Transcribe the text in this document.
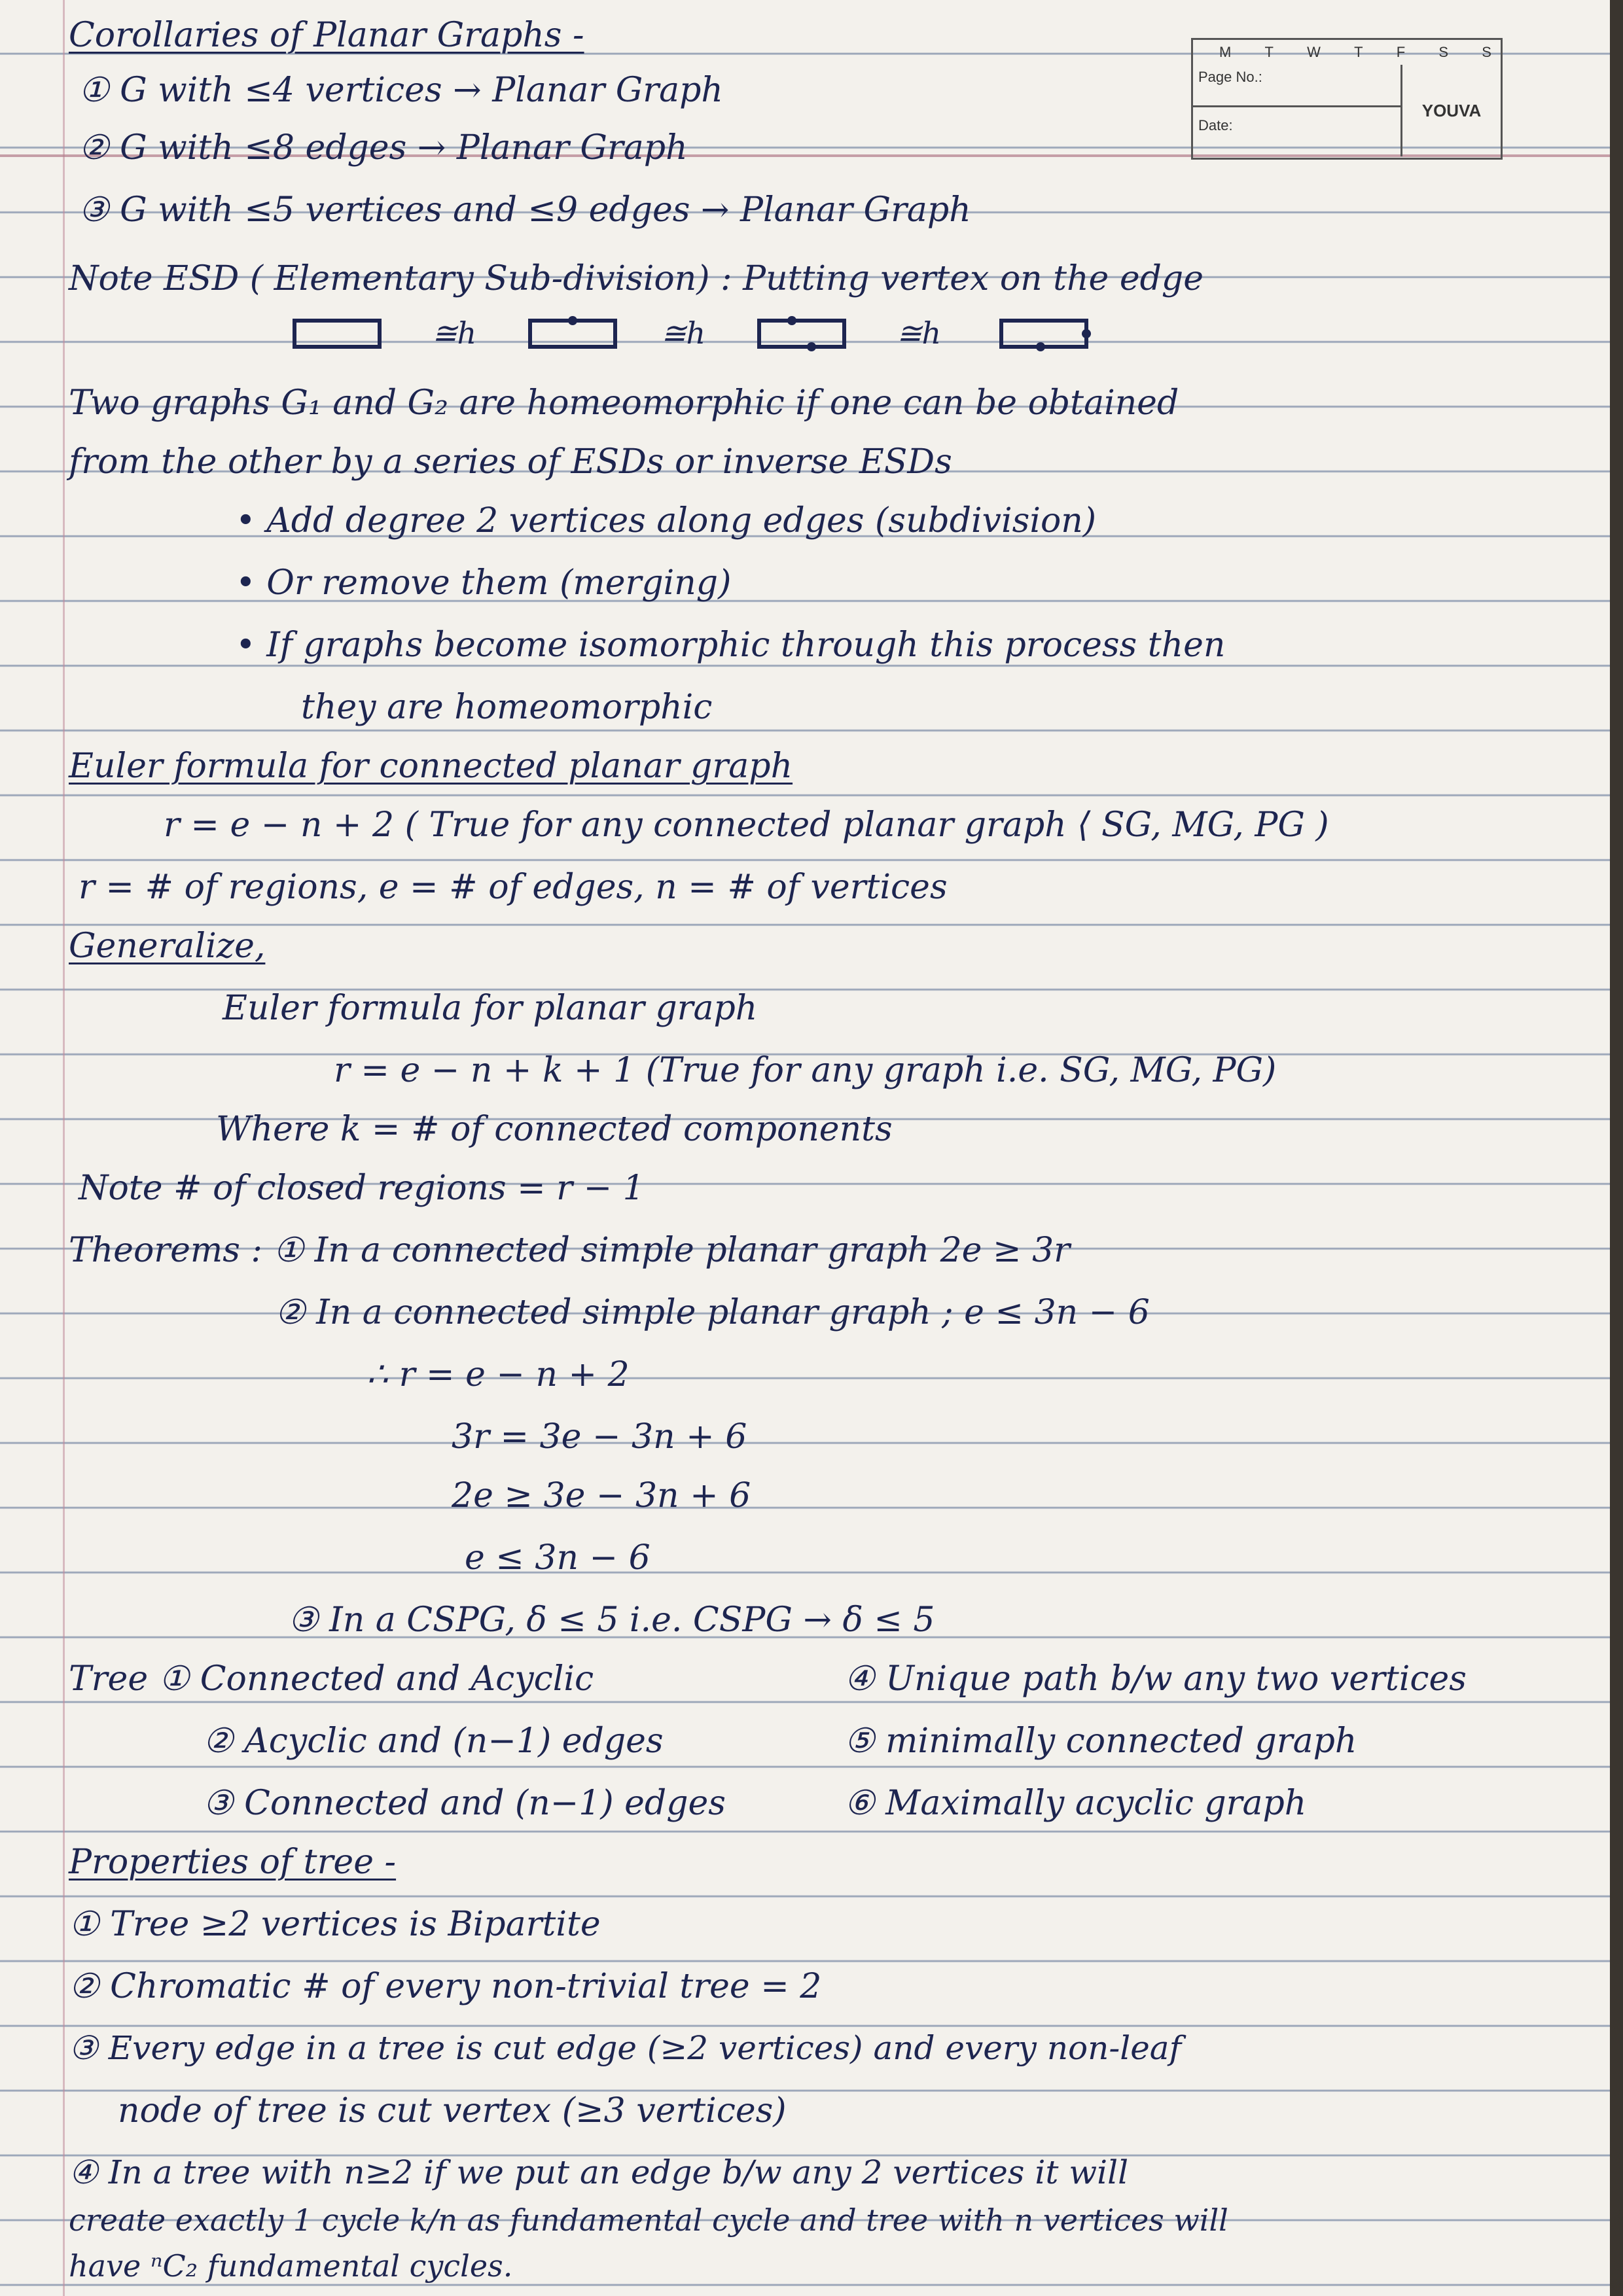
M T W T F S S
Page No.:
Date:
YOUVA
Corollaries of Planar Graphs -
① G with ≤4 vertices → Planar Graph
② G with ≤8 edges → Planar Graph
③ G with ≤5 vertices and ≤9 edges → Planar Graph
Note ESD ( Elementary Sub-division) : Putting vertex on the edge
≅h	≅h	≅h
Two graphs G₁ and G₂ are homeomorphic if one can be obtained
from the other by a series of ESDs or inverse ESDs
• Add degree 2 vertices along edges (subdivision)
• Or remove them (merging)
• If graphs become isomorphic through this process then
they are homeomorphic
Euler formula for connected planar graph
r = e − n + 2 ( True for any connected planar graph ⟨ SG, MG, PG )
r = # of regions, e = # of edges, n = # of vertices
Generalize,
Euler formula for planar graph
r = e − n + k + 1 (True for any graph i.e. SG, MG, PG)
Where k = # of connected components
Note # of closed regions = r − 1
Theorems : ① In a connected simple planar graph 2e ≥ 3r
② In a connected simple planar graph ; e ≤ 3n − 6
∴ r = e − n + 2
3r = 3e − 3n + 6
2e ≥ 3e − 3n + 6
e ≤ 3n − 6
③ In a CSPG, δ ≤ 5 i.e. CSPG → δ ≤ 5
Tree ① Connected and Acyclic	④ Unique path b/w any two vertices
② Acyclic and (n−1) edges	⑤ minimally connected graph
③ Connected and (n−1) edges	⑥ Maximally acyclic graph
Properties of tree -
① Tree ≥2 vertices is Bipartite
② Chromatic # of every non-trivial tree = 2
③ Every edge in a tree is cut edge (≥2 vertices) and every non-leaf
node of tree is cut vertex (≥3 vertices)
④ In a tree with n≥2 if we put an edge b/w any 2 vertices it will
create exactly 1 cycle k/n as fundamental cycle and tree with n vertices will
have ⁿC₂ fundamental cycles.
